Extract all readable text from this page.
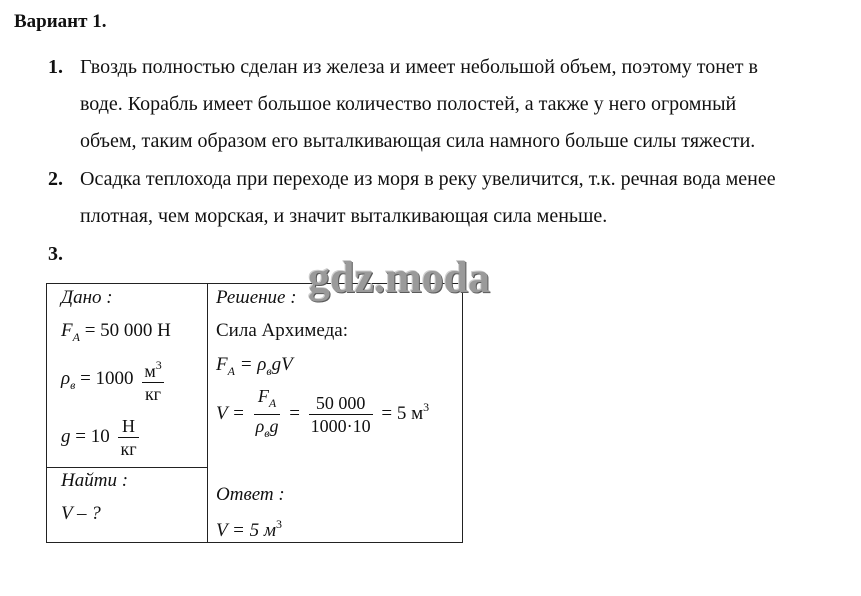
Вариант 1.
1. Гвоздь полностью сделан из железа и имеет небольшой объем, поэтому тонет в
воде. Корабль имеет большое количество полостей, а также у него огромный
объем, таким образом его выталкивающая сила намного больше силы тяжести.
2. Осадка теплохода при переходе из моря в реку увеличится, т.к. речная вода менее
плотная, чем морская, и значит выталкивающая сила меньше.
3.
Дано :
$F_A = 50$ 000 Н
$\rho_в = 1000 \frac{м^3}{кг}$
$g = 10 \frac{Н}{кг}$
Найти :
V – ?
Решение :
Сила Архимеда:
$F_A = \rho_вgV$
$V = \frac{F_A}{\rho_вg} = \frac{50 000}{1000\cdot 10} = 5$ $м^3$
Ответ :
V = 5 $м^3$
gdz.moda
